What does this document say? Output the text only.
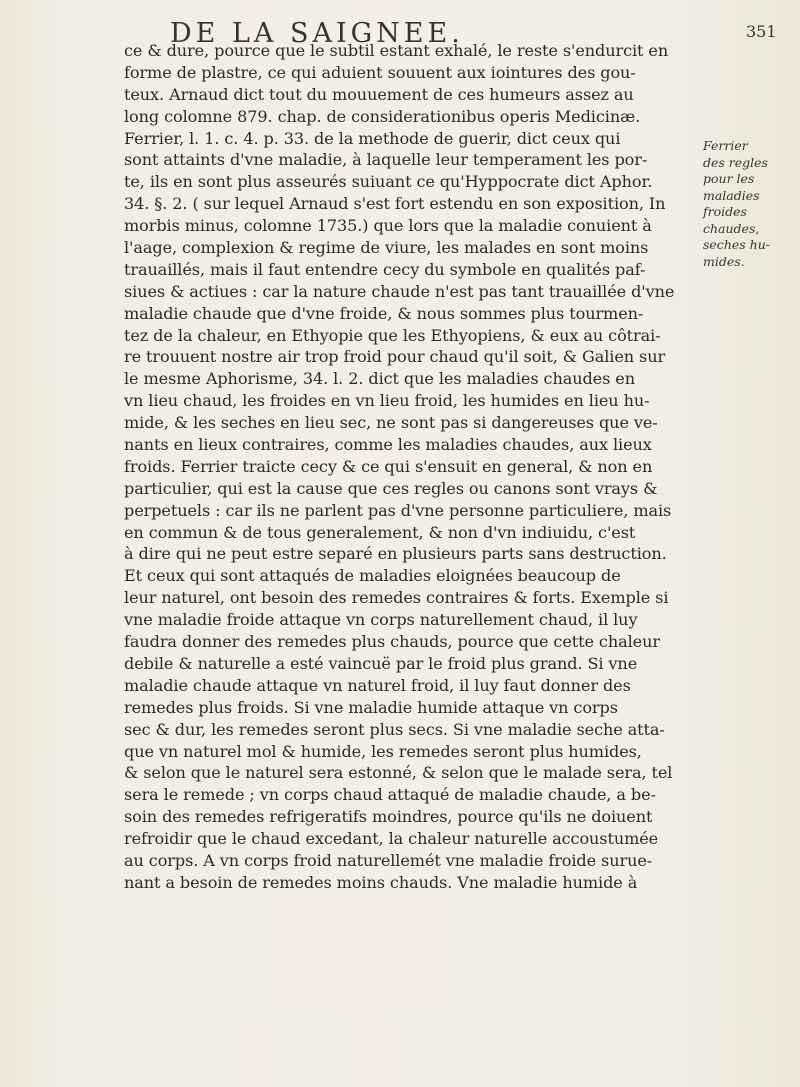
DE LA SAIGNEE.	351
ce & dure, pource que le subtil estant exhalé, le reste s'endurcit en
forme de plastre, ce qui aduient souuent aux iointures des gou-
teux. Arnaud dict tout du mouuement de ces humeurs assez au
long colomne 879. chap. de considerationibus operis Medicinæ.
Ferrier, l. 1. c. 4. p. 33. de la methode de guerir, dict ceux qui
sont attaints d'vne maladie, à laquelle leur temperament les por-
te, ils en sont plus asseurés suiuant ce qu'Hyppocrate dict Aphor.
34. §. 2. ( sur lequel Arnaud s'est fort estendu en son exposition, In
morbis minus, colomne 1735.) que lors que la maladie conuient à
l'aage, complexion & regime de viure, les malades en sont moins
trauaillés, mais il faut entendre cecy du symbole en qualités paf-
siues & actiues : car la nature chaude n'est pas tant trauaillée d'vne
maladie chaude que d'vne froide, & nous sommes plus tourmen-
tez de la chaleur, en Ethyopie que les Ethyopiens, & eux au côtrai-
re trouuent nostre air trop froid pour chaud qu'il soit, & Galien sur
le mesme Aphorisme, 34. l. 2. dict que les maladies chaudes en
vn lieu chaud, les froides en vn lieu froid, les humides en lieu hu-
mide, & les seches en lieu sec, ne sont pas si dangereuses que ve-
nants en lieux contraires, comme les maladies chaudes, aux lieux
froids. Ferrier traicte cecy & ce qui s'ensuit en general, & non en
particulier, qui est la cause que ces regles ou canons sont vrays &
perpetuels : car ils ne parlent pas d'vne personne particuliere, mais
en commun & de tous generalement, & non d'vn indiuidu, c'est
à dire qui ne peut estre separé en plusieurs parts sans destruction.
Et ceux qui sont attaqués de maladies eloignées beaucoup de
leur naturel, ont besoin des remedes contraires & forts. Exemple si
vne maladie froide attaque vn corps naturellement chaud, il luy
faudra donner des remedes plus chauds, pource que cette chaleur
debile & naturelle a esté vaincuë par le froid plus grand. Si vne
maladie chaude attaque vn naturel froid, il luy faut donner des
remedes plus froids. Si vne maladie humide attaque vn corps
sec & dur, les remedes seront plus secs. Si vne maladie seche atta-
que vn naturel mol & humide, les remedes seront plus humides,
& selon que le naturel sera estonné, & selon que le malade sera, tel
sera le remede ; vn corps chaud attaqué de maladie chaude, a be-
soin des remedes refrigeratifs moindres, pource qu'ils ne doiuent
refroidir que le chaud excedant, la chaleur naturelle accoustumée
au corps. A vn corps froid naturellemét vne maladie froide surue-
nant a besoin de remedes moins chauds. Vne maladie humide à
Ferrier
des regles
pour les
maladies
froides
chaudes,
seches hu-
mides.
